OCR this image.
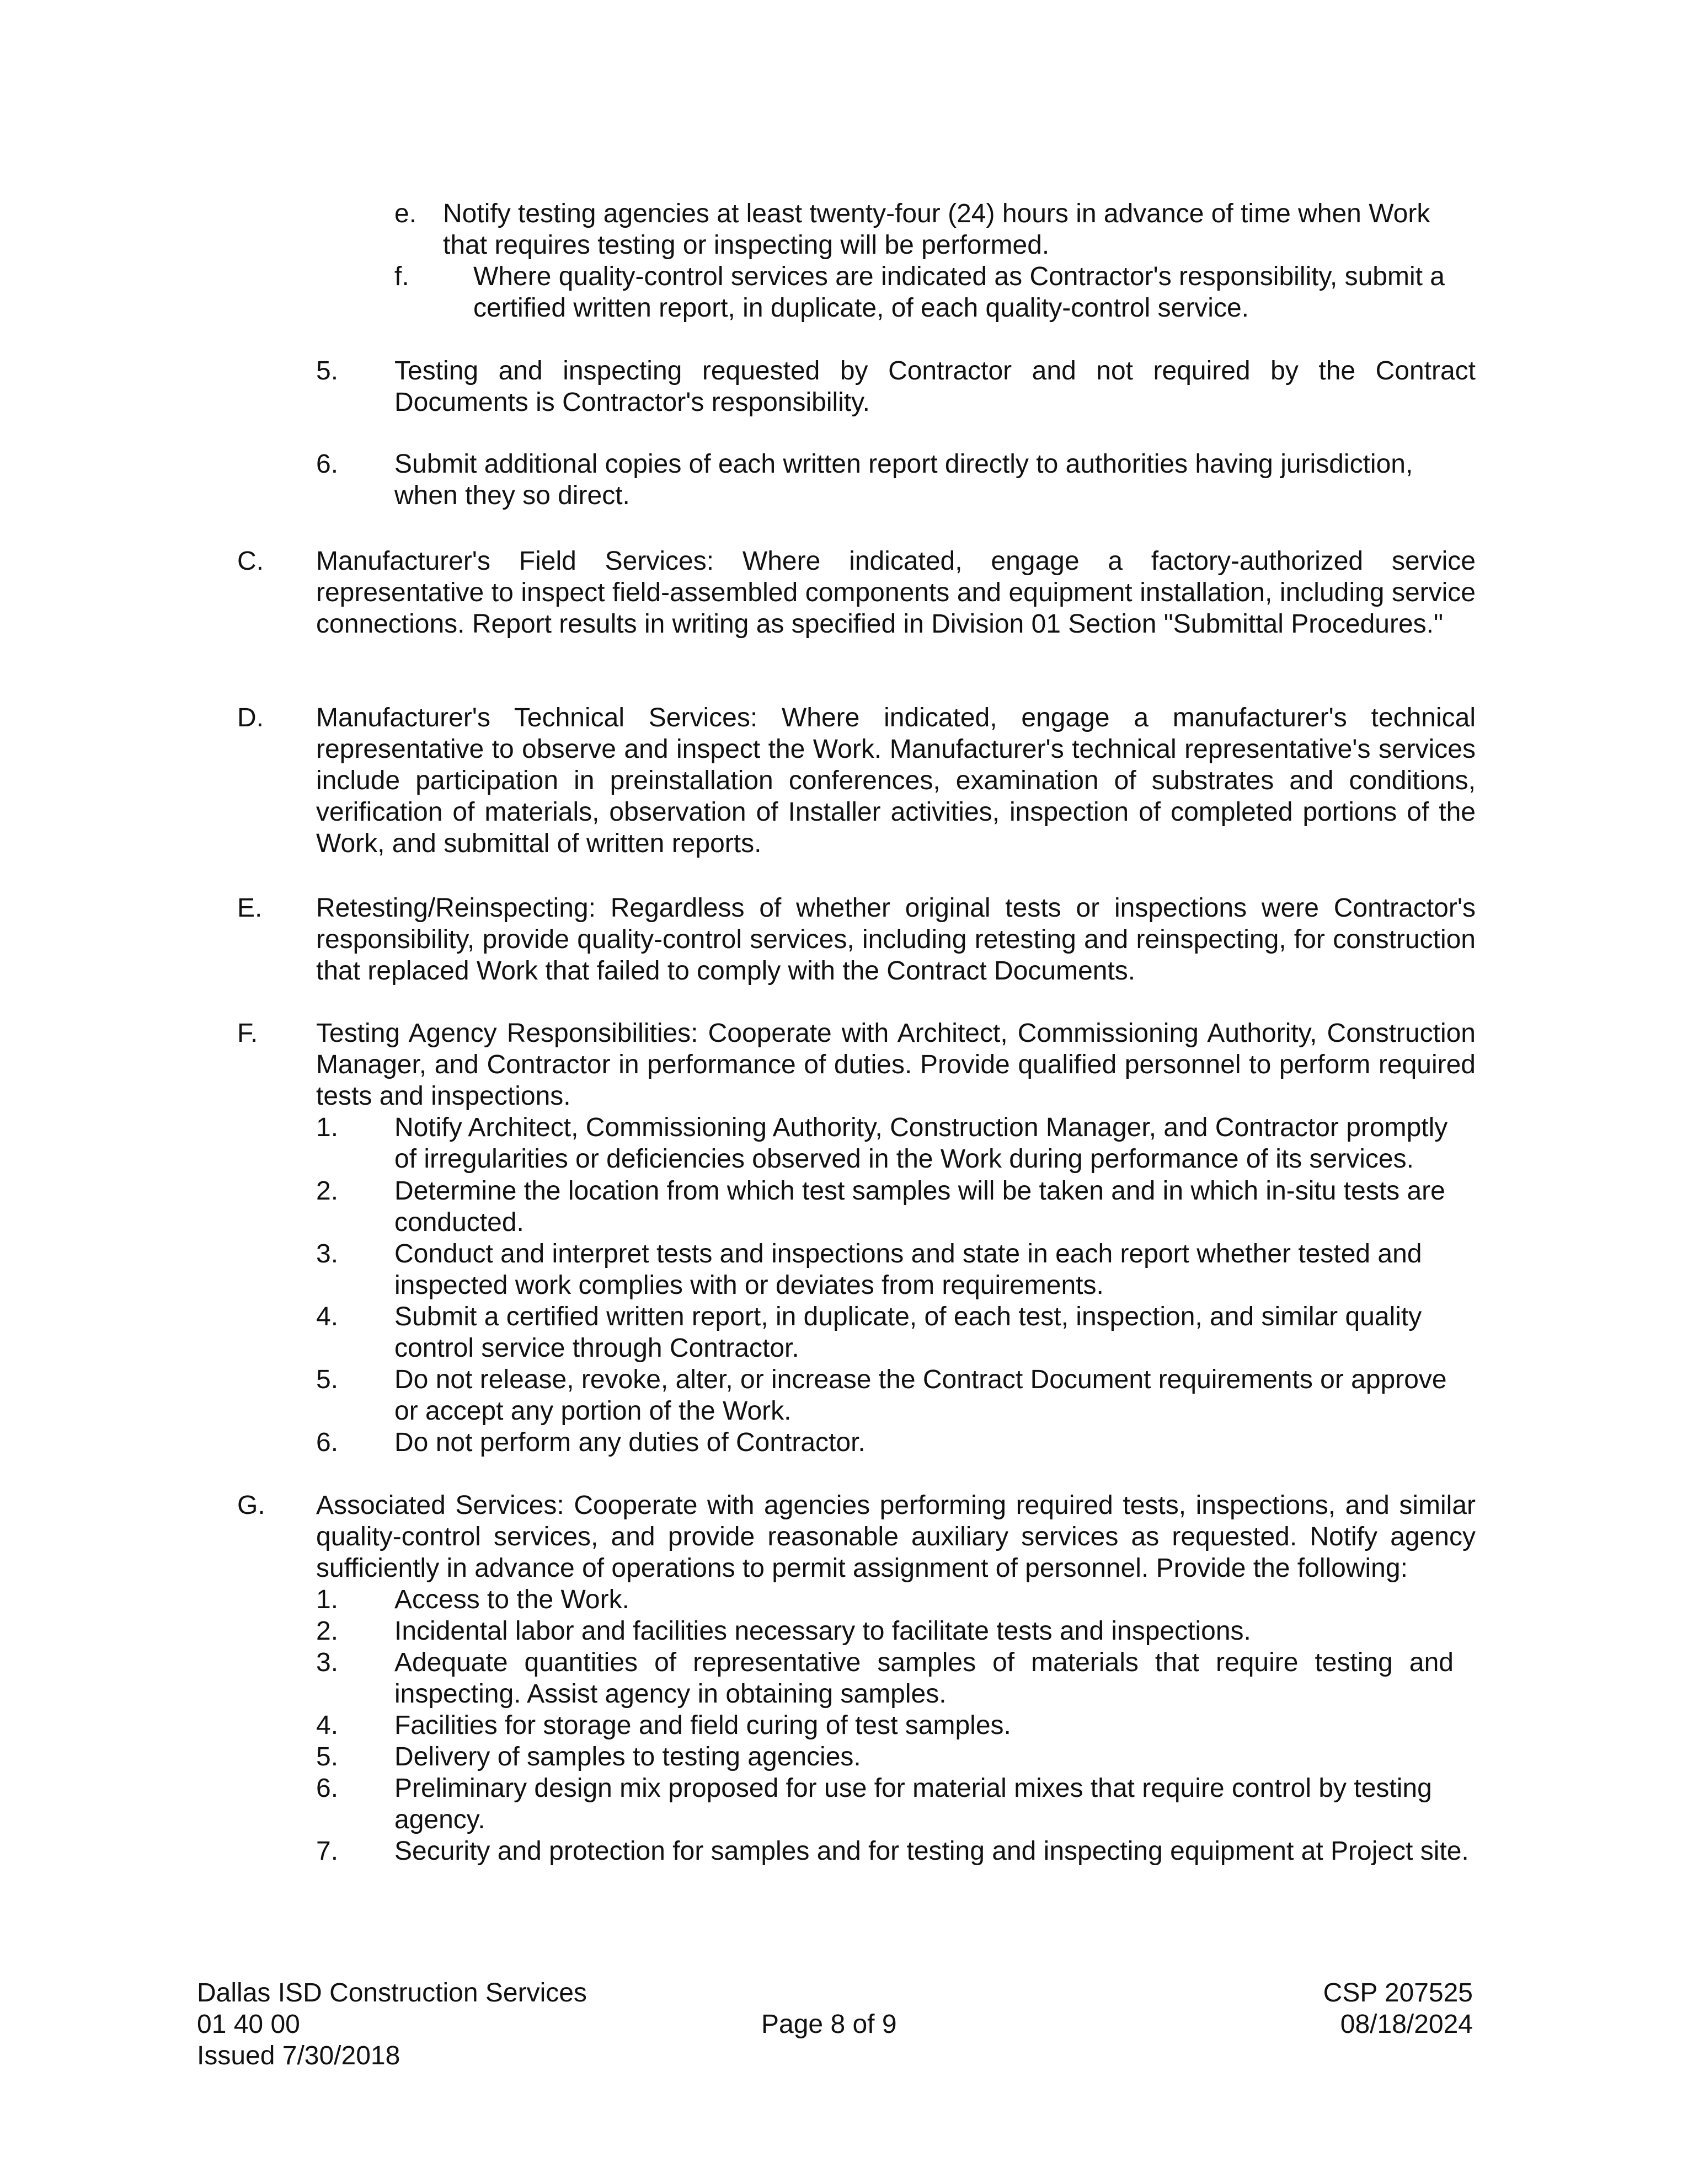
e. Notify testing agencies at least twenty-four (24) hours in advance of time when Work that requires testing or inspecting will be performed.

f. Where quality-control services are indicated as Contractor's responsibility, submit a certified written report, in duplicate, of each quality-control service.

5. Testing and inspecting requested by Contractor and not required by the Contract Documents is Contractor's responsibility.

6. Submit additional copies of each written report directly to authorities having jurisdiction, when they so direct.

C. Manufacturer's Field Services: Where indicated, engage a factory-authorized service representative to inspect field-assembled components and equipment installation, including service connections. Report results in writing as specified in Division 01 Section "Submittal Procedures."

D. Manufacturer's Technical Services: Where indicated, engage a manufacturer's technical representative to observe and inspect the Work. Manufacturer's technical representative's services include participation in preinstallation conferences, examination of substrates and conditions, verification of materials, observation of Installer activities, inspection of completed portions of the Work, and submittal of written reports.

E. Retesting/Reinspecting: Regardless of whether original tests or inspections were Contractor's responsibility, provide quality-control services, including retesting and reinspecting, for construction that replaced Work that failed to comply with the Contract Documents.

F. Testing Agency Responsibilities: Cooperate with Architect, Commissioning Authority, Construction Manager, and Contractor in performance of duties. Provide qualified personnel to perform required tests and inspections.

1. Notify Architect, Commissioning Authority, Construction Manager, and Contractor promptly of irregularities or deficiencies observed in the Work during performance of its services.

2. Determine the location from which test samples will be taken and in which in-situ tests are conducted.

3. Conduct and interpret tests and inspections and state in each report whether tested and inspected work complies with or deviates from requirements.

4. Submit a certified written report, in duplicate, of each test, inspection, and similar quality control service through Contractor.

5. Do not release, revoke, alter, or increase the Contract Document requirements or approve or accept any portion of the Work.

6. Do not perform any duties of Contractor.

G. Associated Services: Cooperate with agencies performing required tests, inspections, and similar quality-control services, and provide reasonable auxiliary services as requested. Notify agency sufficiently in advance of operations to permit assignment of personnel. Provide the following:

1. Access to the Work.

2. Incidental labor and facilities necessary to facilitate tests and inspections.

3. Adequate quantities of representative samples of materials that require testing and inspecting. Assist agency in obtaining samples.

4. Facilities for storage and field curing of test samples.

5. Delivery of samples to testing agencies.

6. Preliminary design mix proposed for use for material mixes that require control by testing agency.

7. Security and protection for samples and for testing and inspecting equipment at Project site.

Dallas ISD Construction Services

01 40 00

Issued 7/30/2018

Page 8 of 9

CSP 207525

08/18/2024
